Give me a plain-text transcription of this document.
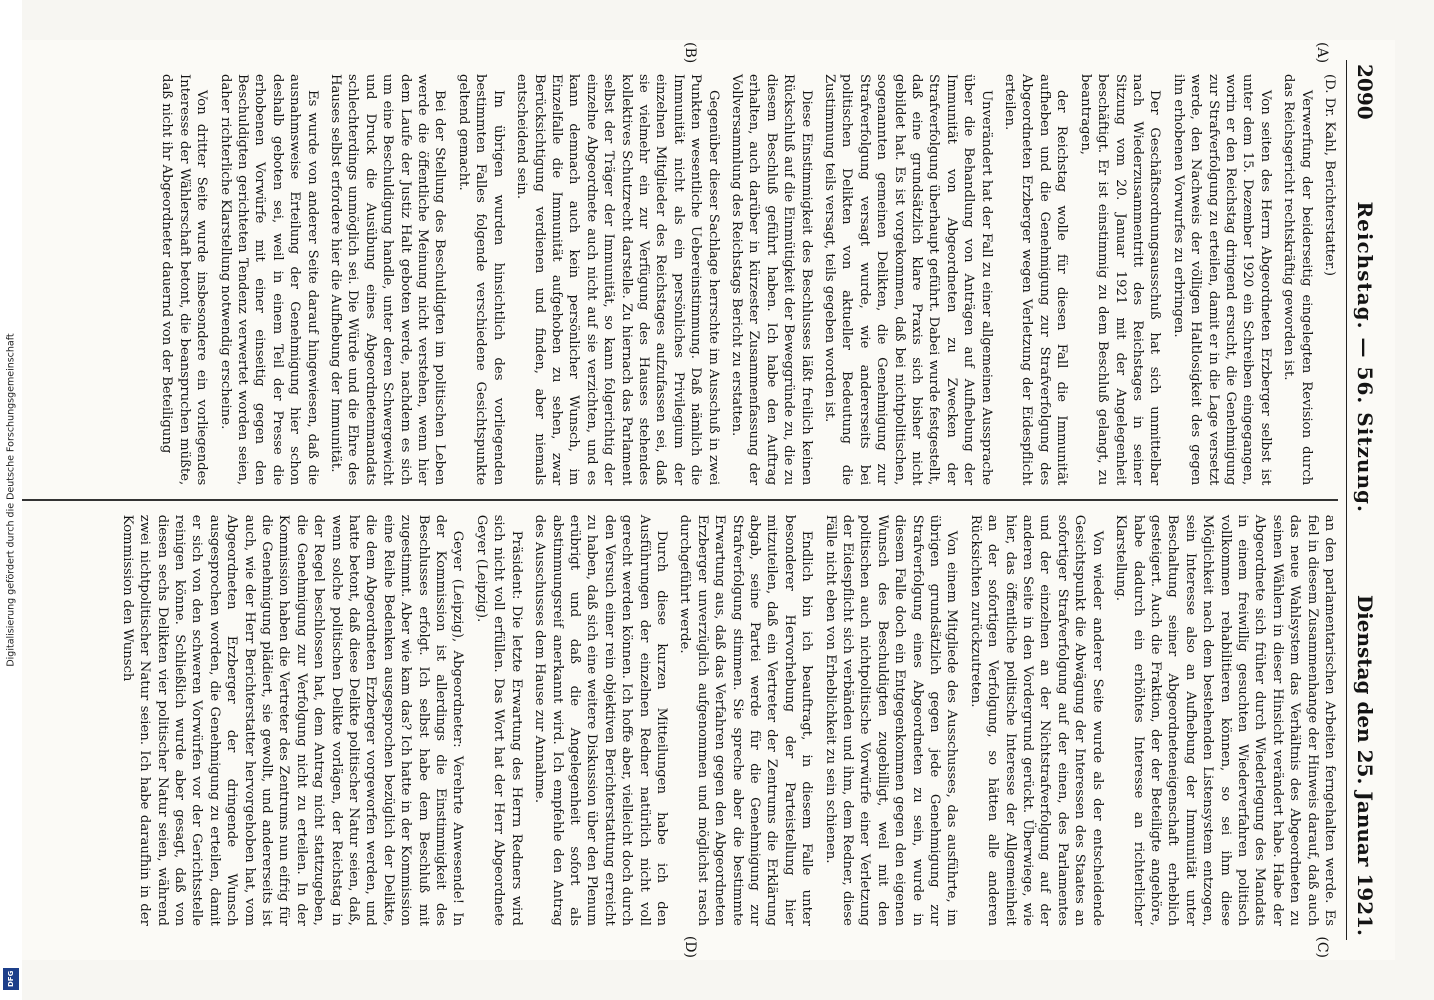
2090
Reichstag. — 56. Sitzung.
Dienstag den 25. Januar 1921.
(A)
(B)
(C)
(D)

(D. Dr. Kahl, Berichterstatter.)

Verwerfung der beiderseitig eingelegten Revision durch das Reichsgericht rechtskräftig geworden ist.

Von seiten des Herrn Abgeordneten Erzberger selbst ist unter dem 15. Dezember 1920 ein Schreiben eingegangen, worin er den Reichstag dringend ersucht, die Genehmigung zur Strafverfolgung zu erteilen, damit er in die Lage versetzt werde, den Nachweis der völligen Haltlosigkeit des gegen ihn erhobenen Vorwurfes zu erbringen.

Der Geschäftsordnungsausschuß hat sich unmittelbar nach Wiederzusammentritt des Reichstages in seiner Sitzung vom 20. Januar 1921 mit der Angelegenheit beschäftigt. Er ist einstimmig zu dem Beschluß gelangt, zu beantragen,

der Reichstag wolle für diesen Fall die Immunität aufheben und die Genehmigung zur Strafverfolgung des Abgeordneten Erzberger wegen Verletzung der Eidespflicht erteilen.

Unverändert hat der Fall zu einer allgemeinen Aussprache über die Behandlung von Anträgen auf Aufhebung der Immunität von Abgeordneten zu Zwecken der Strafverfolgung überhaupt geführt. Dabei wurde festgestellt, daß eine grundsätzlich klare Praxis sich bisher nicht gebildet hat. Es ist vorgekommen, daß bei nichtpolitischen, sogenannten gemeinen Delikten, die Genehmigung zur Strafverfolgung versagt wurde, wie andererseits bei politischen Delikten von aktueller Bedeutung die Zustimmung teils versagt, teils gegeben worden ist.

Diese Einstimmigkeit des Beschlusses läßt freilich keinen Rückschluß auf die Einmütigkeit der Beweggründe zu, die zu diesem Beschluß geführt haben. Ich habe den Auftrag erhalten, auch darüber in kürzester Zusammenfassung der Vollversammlung des Reichstags Bericht zu erstatten.

Gegenüber dieser Sachlage herrschte im Ausschuß in zwei Punkten wesentliche Uebereinstimmung. Daß nämlich die Immunität nicht als ein persönliches Privilegium der einzelnen Mitglieder des Reichstages aufzufassen sei, daß sie vielmehr ein zur Verfügung des Hauses stehendes kollektives Schutzrecht darstelle. Zu hiernach das Parlament selbst der Träger der Immunität, so kann folgerichtig der einzelne Abgeordnete auch nicht auf sie verzichten, und es kann demnach auch kein persönlicher Wunsch, im Einzelfalle die Immunität aufgehoben zu sehen, zwar Berücksichtigung verdienen und finden, aber niemals entscheidend sein.

Im übrigen wurden hinsichtlich des vorliegenden bestimmten Falles folgende verschiedene Gesichtspunkte geltend gemacht.

Bei der Stellung des Beschuldigten im politischen Leben werde die öffentliche Meinung nicht verstehen, wenn hier dem Laufe der Justiz Halt geboten werde, nachdem es sich um eine Beschuldigung handle, unter deren Schwergewicht und Druck die Ausübung eines Abgeordnetenmandats schlechterdings unmöglich sei. Die Würde und die Ehre des Hauses selbst erfordere hier die Aufhebung der Immunität.

Es wurde von anderer Seite darauf hingewiesen, daß die ausnahmsweise Erteilung der Genehmigung hier schon deshalb geboten sei, weil in einem Teil der Presse die erhobenen Vorwürfe mit einer einseitig gegen den Beschuldigten gerichteten Tendenz verwertet worden seien, daher richterliche Klarstellung notwendig erscheine.

Von dritter Seite wurde insbesondere ein vorliegendes Interesse der Wählerschaft betont, die beanspruchen müßte, daß nicht ihr Abgeordneter dauernd von der Beteiligung

an den parlamentarischen Arbeiten ferngehalten werde. Es fiel in diesem Zusammenhange der Hinweis darauf, daß auch das neue Wahlsystem das Verhältnis des Abgeordneten zu seinen Wählern in dieser Hinsicht verändert habe. Habe der Abgeordnete sich früher durch Wiederlegung des Mandats in einem freiwillig gesuchten Wiederverfahren politisch vollkommen rehabilitieren können, so sei ihm diese Möglichkeit nach dem bestehenden Listensystem entzogen, sein Interesse also an Aufhebung der Immunität unter Beschaltung seiner Abgeordneteneigenschaft erheblich gesteigert. Auch die Fraktion, der der Beteiligte angehöre, habe dadurch ein erhöhtes Interesse an richterlicher Klarstellung.

Von wieder anderer Seite wurde als der entscheidende Gesichtspunkt die Abwägung der Interessen des Staates an sofortiger Strafverfolgung auf der einen, des Parlamentes und der einzelnen an der Nichtstrafverfolgung auf der anderen Seite in den Vordergrund gerückt. Überwiege, wie hier, das öffentliche politische Interesse der Allgemeinheit an der sofortigen Verfolgung, so hätten alle anderen Rücksichten zurückzutreten.

Von einem Mitgliede des Ausschusses, das ausführte, im übrigen grundsätzlich gegen jede Genehmigung zur Strafverfolgung eines Abgeordneten zu sein, wurde in diesem Falle doch ein Entgegenkommen gegen den eigenen Wunsch des Beschuldigten zugebilligt, weil mit den politischen auch nichtpolitische Vorwürfe einer Verletzung der Eidespflicht sich verbänden und ihm, dem Redner, diese Fälle nicht eben von Erheblichkeit zu sein schienen.

Endlich bin ich beauftragt, in diesem Falle unter besonderer Hervorhebung der Parteistellung hier mitzuteilen, daß ein Vertreter der Zentrums die Erklärung abgab, seine Partei werde für die Genehmigung zur Strafverfolgung stimmen. Sie spreche aber die bestimmte Erwartung aus, daß das Verfahren gegen den Abgeordneten Erzberger unverzüglich aufgenommen und möglichst rasch durchgeführt werde.

Durch diese kurzen Mitteilungen habe ich den Ausführungen der einzelnen Redner natürlich nicht voll gerecht werden können. Ich hoffe aber, vielleicht doch durch den Versuch einer rein objektiven Berichterstattung erreicht zu haben, daß sich eine weitere Diskussion über den Plenum erübrigt und daß die Angelegenheit sofort als abstimmungsreif anerkannt wird. Ich empfehle den Antrag des Ausschusses dem Hause zur Annahme.

Präsident: Die letzte Erwartung des Herrn Redners wird sich nicht voll erfüllen. Das Wort hat der Herr Abgeordnete Geyer (Leipzig).

Geyer (Leipzig), Abgeordneter: Verehrte Anwesende! In der Kommission ist allerdings die Einstimmigkeit des Beschlusses erfolgt. Ich selbst habe dem Beschluß mit zugestimmt. Aber wie kam das? Ich hatte in der Kommission eine Reihe Bedenken ausgesprochen bezüglich der Delikte, die dem Abgeordneten Erzberger vorgeworfen werden, und hatte betont, daß diese Delikte politischer Natur seien, daß, wenn solche politischen Delikte vorlägen, der Reichstag in der Regel beschlossen hat, dem Antrag nicht stattzugeben, die Genehmigung zur Verfolgung nicht zu erteilen. In der Kommission haben die Vertreter des Zentrums nun eifrig für die Genehmigung plädiert, sie gewollt, und andererseits ist auch, wie der Herr Berichterstatter hervorgehoben hat, vom Abgeordneten Erzberger der dringende Wunsch ausgesprochen worden, die Genehmigung zu erteilen, damit er sich von den schweren Vorwürfen vor der Gerichtsstelle reinigen könne. Schließlich wurde aber gesagt, daß von diesen sechs Delikten vier politischer Natur seien, während zwei nichtpolitischer Natur seien. Ich habe daraufhin in der Kommission den Wunsch

Digitalisierung gefördert durch die Deutsche Forschungsgemeinschaft
DFG
